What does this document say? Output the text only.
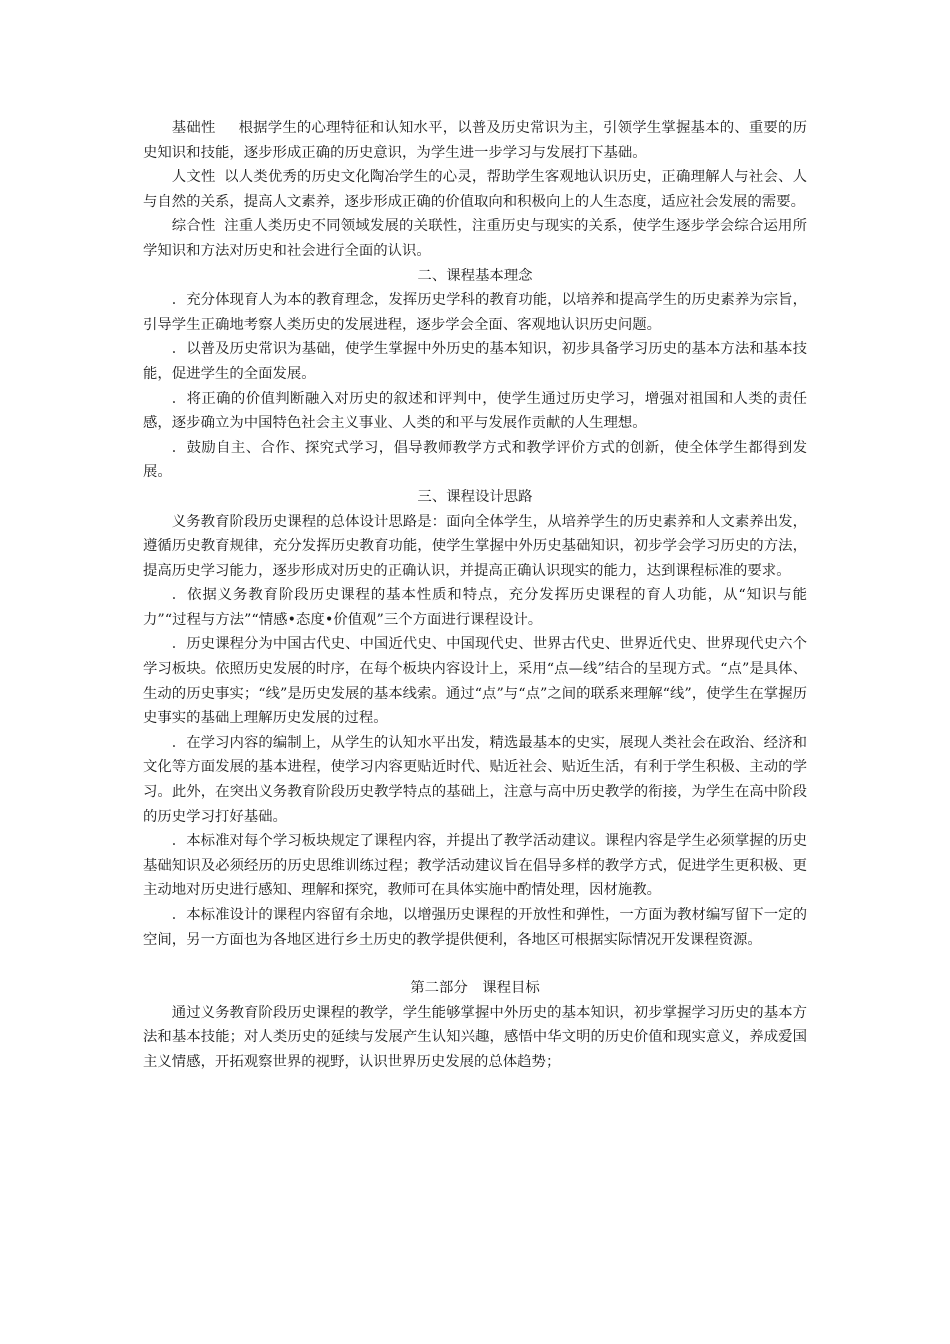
基础性 根据学生的心理特征和认知水平，以普及历史常识为主，引领学生掌握基本的、重要的历史知识和技能，逐步形成正确的历史意识，为学生进一步学习与发展打下基础。

人文性 以人类优秀的历史文化陶冶学生的心灵，帮助学生客观地认识历史，正确理解人与社会、人与自然的关系，提高人文素养，逐步形成正确的价值取向和积极向上的人生态度，适应社会发展的需要。

综合性 注重人类历史不同领域发展的关联性，注重历史与现实的关系，使学生逐步学会综合运用所学知识和方法对历史和社会进行全面的认识。

二、课程基本理念

．充分体现育人为本的教育理念，发挥历史学科的教育功能，以培养和提高学生的历史素养为宗旨，引导学生正确地考察人类历史的发展进程，逐步学会全面、客观地认识历史问题。

．以普及历史常识为基础，使学生掌握中外历史的基本知识，初步具备学习历史的基本方法和基本技能，促进学生的全面发展。

．将正确的价值判断融入对历史的叙述和评判中，使学生通过历史学习，增强对祖国和人类的责任感，逐步确立为中国特色社会主义事业、人类的和平与发展作贡献的人生理想。

．鼓励自主、合作、探究式学习，倡导教师教学方式和教学评价方式的创新，使全体学生都得到发展。

三、课程设计思路

义务教育阶段历史课程的总体设计思路是：面向全体学生，从培养学生的历史素养和人文素养出发，遵循历史教育规律，充分发挥历史教育功能，使学生掌握中外历史基础知识，初步学会学习历史的方法，提高历史学习能力，逐步形成对历史的正确认识，并提高正确认识现实的能力，达到课程标准的要求。

．依据义务教育阶段历史课程的基本性质和特点，充分发挥历史课程的育人功能，从“知识与能力”“过程与方法”“情感•态度•价值观”三个方面进行课程设计。

．历史课程分为中国古代史、中国近代史、中国现代史、世界古代史、世界近代史、世界现代史六个学习板块。依照历史发展的时序，在每个板块内容设计上，采用“点—线”结合的呈现方式。“点”是具体、生动的历史事实；“线”是历史发展的基本线索。通过“点”与“点”之间的联系来理解“线”，使学生在掌握历史事实的基础上理解历史发展的过程。

．在学习内容的编制上，从学生的认知水平出发，精选最基本的史实，展现人类社会在政治、经济和文化等方面发展的基本进程，使学习内容更贴近时代、贴近社会、贴近生活，有利于学生积极、主动的学习。此外，在突出义务教育阶段历史教学特点的基础上，注意与高中历史教学的衔接，为学生在高中阶段的历史学习打好基础。

．本标准对每个学习板块规定了课程内容，并提出了教学活动建议。课程内容是学生必须掌握的历史基础知识及必须经历的历史思维训练过程；教学活动建议旨在倡导多样的教学方式，促进学生更积极、更主动地对历史进行感知、理解和探究，教师可在具体实施中酌情处理，因材施教。

．本标准设计的课程内容留有余地，以增强历史课程的开放性和弹性，一方面为教材编写留下一定的空间，另一方面也为各地区进行乡土历史的教学提供便利，各地区可根据实际情况开发课程资源。

第二部分　课程目标

通过义务教育阶段历史课程的教学，学生能够掌握中外历史的基本知识，初步掌握学习历史的基本方法和基本技能；对人类历史的延续与发展产生认知兴趣，感悟中华文明的历史价值和现实意义，养成爱国主义情感，开拓观察世界的视野，认识世界历史发展的总体趋势；
